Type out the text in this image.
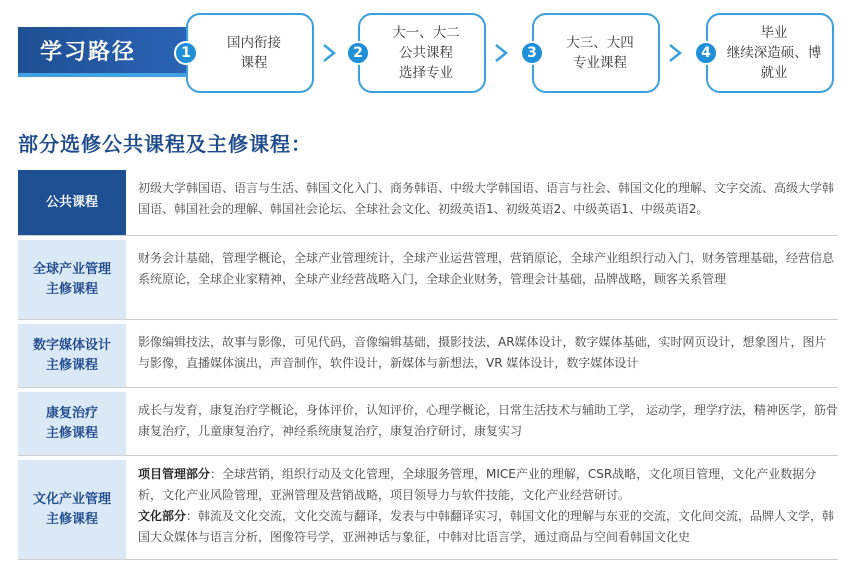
学习路径	国内衔接
课程
1
大一、大二
公共课程
选择专业
2
大三、大四
专业课程
3
毕业
继续深造硕、博
就业
4
部分选修公共课程及主修课程：
公共课程
初级大学韩国语、语言与生活、韩国文化入门、商务韩语、中级大学韩国语、语言与社会、韩国文化的理解、文字交流、高级大学韩国语、韩国社会的理解、韩国社会论坛、全球社会文化、初级英语1、初级英语2、中级英语1、中级英语2。
全球产业管理
主修课程
财务会计基础，管理学概论，全球产业管理统计，全球产业运营管理，营销原论，全球产业组织行动入门，财务管理基础，经营信息系统原论，全球企业家精神，全球产业经营战略入门，全球企业财务，管理会计基础，品牌战略，顾客关系管理
数字媒体设计
主修课程
影像编辑技法，故事与影像，可见代码，音像编辑基础，摄影技法，AR媒体设计，数字媒体基础，实时网页设计，想象图片，图片与影像，直播媒体演出，声音制作，软件设计，新媒体与新想法，VR 媒体设计，数字媒体设计
康复治疗
主修课程
成长与发育，康复治疗学概论，身体评价，认知评价，心理学概论，日常生活技术与辅助工学， 运动学，理学疗法，精神医学，筋骨康复治疗，儿童康复治疗，神经系统康复治疗，康复治疗研讨，康复实习
文化产业管理
主修课程
项目管理部分：全球营销，组织行动及文化管理，全球服务管理，MICE产业的理解，CSR战略，文化项目管理，文化产业数据分析，文化产业风险管理，亚洲管理及营销战略，项目领导力与软件技能，文化产业经营研讨。
文化部分：韩流及文化交流，文化交流与翻译，发表与中韩翻译实习，韩国文化的理解与东亚的交流，文化间交流，品牌人文学，韩国大众媒体与语言分析，图像符号学，亚洲神话与象征，中韩对比语言学，通过商品与空间看韩国文化史
